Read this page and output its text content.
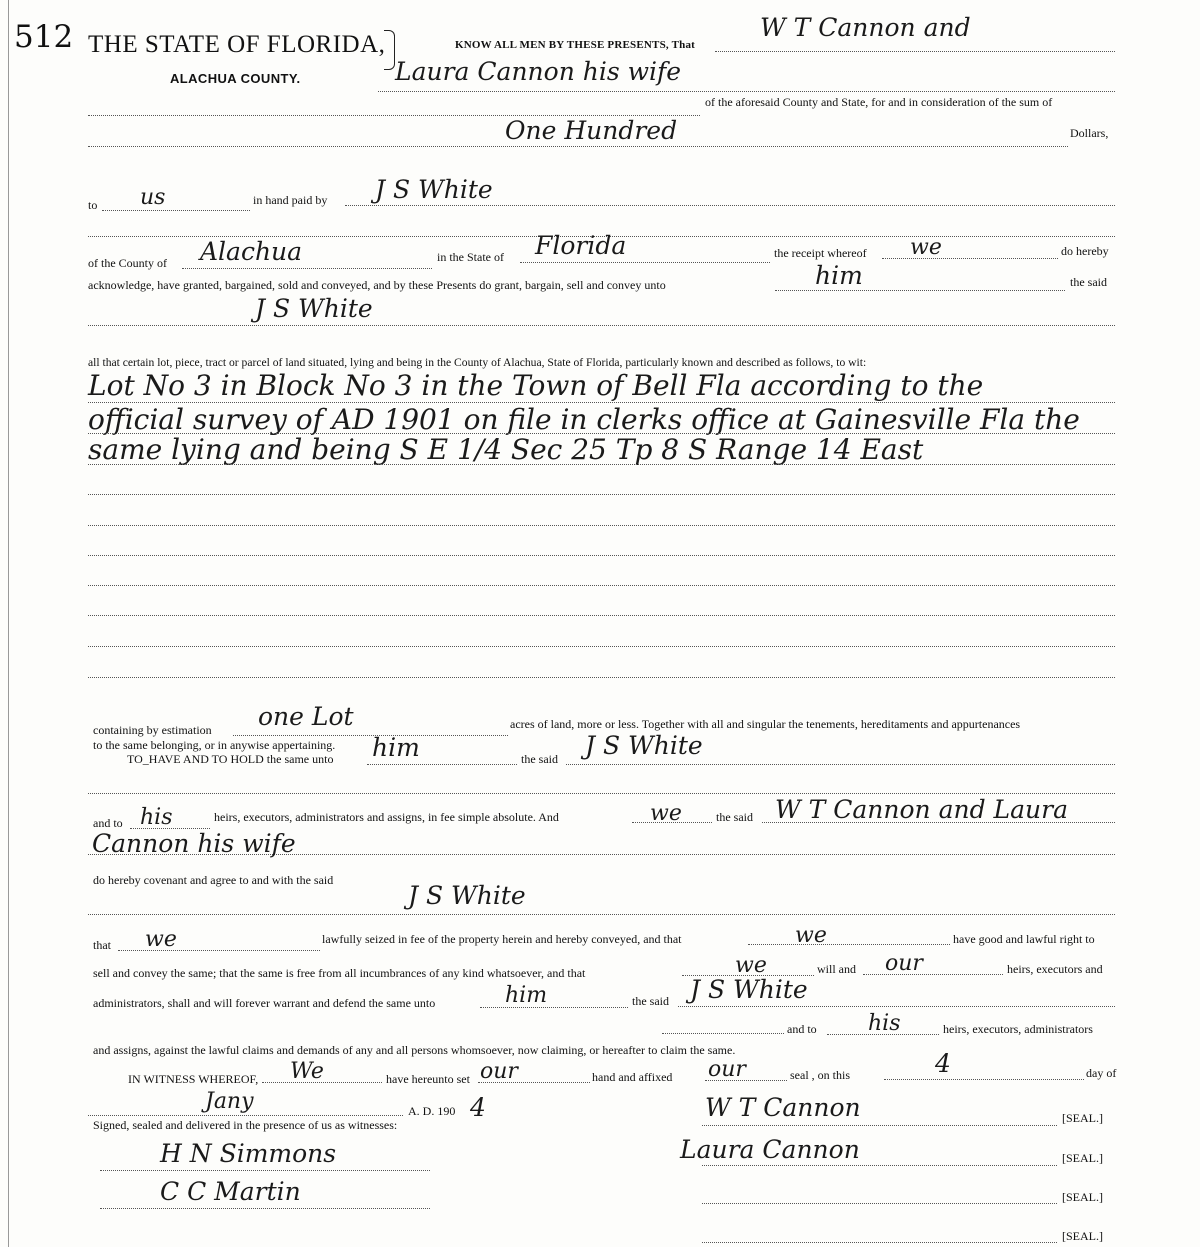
512 THE STATE OF FLORIDA,
ALACHUA COUNTY.
KNOW ALL MEN BY THESE PRESENTS, That
W T Cannon and
Laura Cannon his wife
of the aforesaid County and State, for and in consideration of the sum of
One Hundred	Dollars,
to us	in hand paid by J S White
of the County of Alachua	in the State of Florida	the receipt whereof we	do hereby
acknowledge, have granted, bargained, sold and conveyed, and by these Presents do grant, bargain, sell and convey unto	him	the said
J S White
all that certain lot, piece, tract or parcel of land situated, lying and being in the County of Alachua, State of Florida, particularly known and described as follows, to wit:
Lot No 3 in Block No 3 in the Town of Bell Fla according to the
official survey of AD 1901 on file in clerks office at Gainesville Fla the
same lying and being S E 1/4 Sec 25 Tp 8 S Range 14 East
containing by estimation one Lot	acres of land, more or less. Together with all and singular the tenements, hereditaments and appurtenances
to the same belonging, or in anywise appertaining.
TO_HAVE AND TO HOLD the same unto him	the said J S White
and to his	heirs, executors, administrators and assigns, in fee simple absolute. And	we	the said W T Cannon and Laura
Cannon his wife
do hereby covenant and agree to and with the said
J S White
that we	lawfully seized in fee of the property herein and hereby conveyed, and that	we	have good and lawful right to
sell and convey the same; that the same is free from all incumbrances of any kind whatsoever, and that	we	will and our	heirs, executors and
administrators, shall and will forever warrant and defend the same unto	him	the said J S White
and to his	heirs, executors, administrators
and assigns, against the lawful claims and demands of any and all persons whomsoever, now claiming, or hereafter to claim the same.
IN WITNESS WHEREOF, We	have hereunto set our	hand and affixed our	seal , on this	4	day of
Jany	A. D. 190 4
Signed, sealed and delivered in the presence of us as witnesses:
W T Cannon	[SEAL.]
Laura Cannon	[SEAL.]
[SEAL.]
[SEAL.]
H N Simmons
C C Martin
